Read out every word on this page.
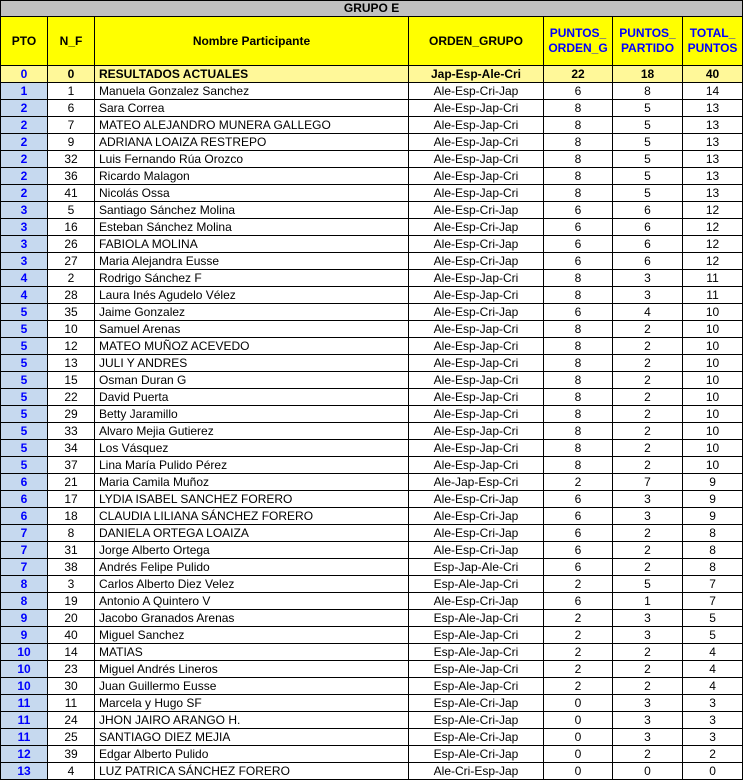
GRUPO E						
PTO	N_F	Nombre Participante	ORDEN_GRUPO	PUNTOS_ ORDEN_G	PUNTOS_ PARTIDO	TOTAL_ PUNTOS
0	0	RESULTADOS ACTUALES	Jap-Esp-Ale-Cri	22	18	40
1	1	Manuela Gonzalez Sanchez	Ale-Esp-Cri-Jap	6	8	14
2	6	Sara Correa	Ale-Esp-Jap-Cri	8	5	13
2	7	MATEO ALEJANDRO MUNERA GALLEGO	Ale-Esp-Jap-Cri	8	5	13
2	9	ADRIANA LOAIZA RESTREPO	Ale-Esp-Jap-Cri	8	5	13
2	32	Luis Fernando Rúa Orozco	Ale-Esp-Jap-Cri	8	5	13
2	36	Ricardo Malagon	Ale-Esp-Jap-Cri	8	5	13
2	41	Nicolás Ossa	Ale-Esp-Jap-Cri	8	5	13
3	5	Santiago Sánchez Molina	Ale-Esp-Cri-Jap	6	6	12
3	16	Esteban Sánchez Molina	Ale-Esp-Cri-Jap	6	6	12
3	26	FABIOLA MOLINA	Ale-Esp-Cri-Jap	6	6	12
3	27	Maria Alejandra Eusse	Ale-Esp-Cri-Jap	6	6	12
4	2	Rodrigo Sánchez F	Ale-Esp-Jap-Cri	8	3	11
4	28	Laura Inés Agudelo Vélez	Ale-Esp-Jap-Cri	8	3	11
5	35	Jaime Gonzalez	Ale-Esp-Cri-Jap	6	4	10
5	10	Samuel Arenas	Ale-Esp-Jap-Cri	8	2	10
5	12	MATEO MUÑOZ ACEVEDO	Ale-Esp-Jap-Cri	8	2	10
5	13	JULI Y ANDRES	Ale-Esp-Jap-Cri	8	2	10
5	15	Osman Duran G	Ale-Esp-Jap-Cri	8	2	10
5	22	David Puerta	Ale-Esp-Jap-Cri	8	2	10
5	29	Betty Jaramillo	Ale-Esp-Jap-Cri	8	2	10
5	33	Alvaro Mejia Gutierez	Ale-Esp-Jap-Cri	8	2	10
5	34	Los Vásquez	Ale-Esp-Jap-Cri	8	2	10
5	37	Lina María Pulido Pérez	Ale-Esp-Jap-Cri	8	2	10
6	21	Maria Camila Muñoz	Ale-Jap-Esp-Cri	2	7	9
6	17	LYDIA ISABEL SANCHEZ FORERO	Ale-Esp-Cri-Jap	6	3	9
6	18	CLAUDIA LILIANA SÁNCHEZ FORERO	Ale-Esp-Cri-Jap	6	3	9
7	8	DANIELA ORTEGA LOAIZA	Ale-Esp-Cri-Jap	6	2	8
7	31	Jorge Alberto Ortega	Ale-Esp-Cri-Jap	6	2	8
7	38	Andrés Felipe Pulido	Esp-Jap-Ale-Cri	6	2	8
8	3	Carlos Alberto Diez Velez	Esp-Ale-Jap-Cri	2	5	7
8	19	Antonio A Quintero V	Ale-Esp-Cri-Jap	6	1	7
9	20	Jacobo Granados Arenas	Esp-Ale-Jap-Cri	2	3	5
9	40	Miguel Sanchez	Esp-Ale-Jap-Cri	2	3	5
10	14	MATIAS	Esp-Ale-Jap-Cri	2	2	4
10	23	Miguel Andrés Lineros	Esp-Ale-Jap-Cri	2	2	4
10	30	Juan Guillermo Eusse	Esp-Ale-Jap-Cri	2	2	4
11	11	Marcela y Hugo SF	Esp-Ale-Cri-Jap	0	3	3
11	24	JHON JAIRO ARANGO H.	Esp-Ale-Cri-Jap	0	3	3
11	25	SANTIAGO DIEZ MEJIA	Esp-Ale-Cri-Jap	0	3	3
12	39	Edgar Alberto Pulido	Esp-Ale-Cri-Jap	0	2	2
13	4	LUZ PATRICA SÁNCHEZ FORERO	Ale-Cri-Esp-Jap	0	0	0
